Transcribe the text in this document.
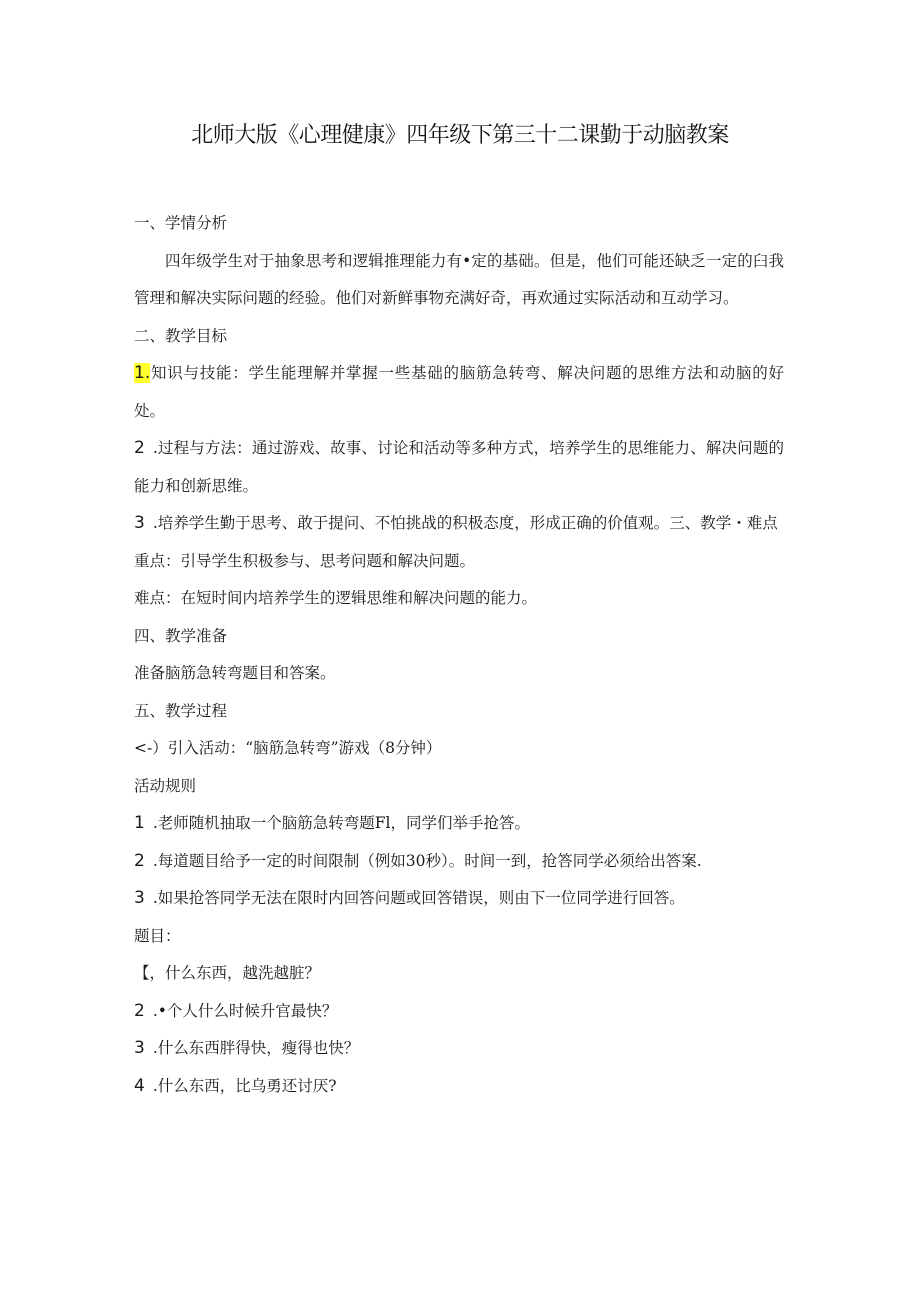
北师大版《心理健康》四年级下第三十二课勤于动脑教案

一、学情分析

四年级学生对于抽象思考和逻辑推理能力有•定的基础。但是，他们可能还缺乏一定的臼我管理和解决实际问题的经验。他们对新鲜事物充满好奇，再欢通过实际活动和互动学习。

二、教学目标

1.知识与技能：学生能理解并掌握一些基础的脑筋急转弯、解决问题的思维方法和动脑的好处。

2 .过程与方法：通过游戏、故事、讨论和活动等多种方式，培养学生的思维能力、解决问题的能力和创新思维。

3 .培养学生勤于思考、敢于提问、不怕挑战的积极态度，形成正确的价值观。三、教学・难点

重点：引导学生积极参与、思考问题和解决问题。

难点：在短时间内培养学生的逻辑思维和解决问题的能力。

四、教学准备

准备脑筋急转弯题目和答案。

五、教学过程

<-）引入活动：“脑筋急转弯”游戏（8分钟）

活动规则

1 .老师随机抽取一个脑筋急转弯题Fl，同学们举手抢答。

2 .每道题目给予一定的时间限制（例如30秒）。时间一到，抢答同学必须给出答案.

3 .如果抢答同学无法在限时内回答问题或回答错误，则由下一位同学进行回答。

题目：

【，什么东西，越洗越脏？

2 .•个人什么时候升官最快？

3 .什么东西胖得快，瘦得也快？

4 .什么东西，比乌勇还讨厌?
